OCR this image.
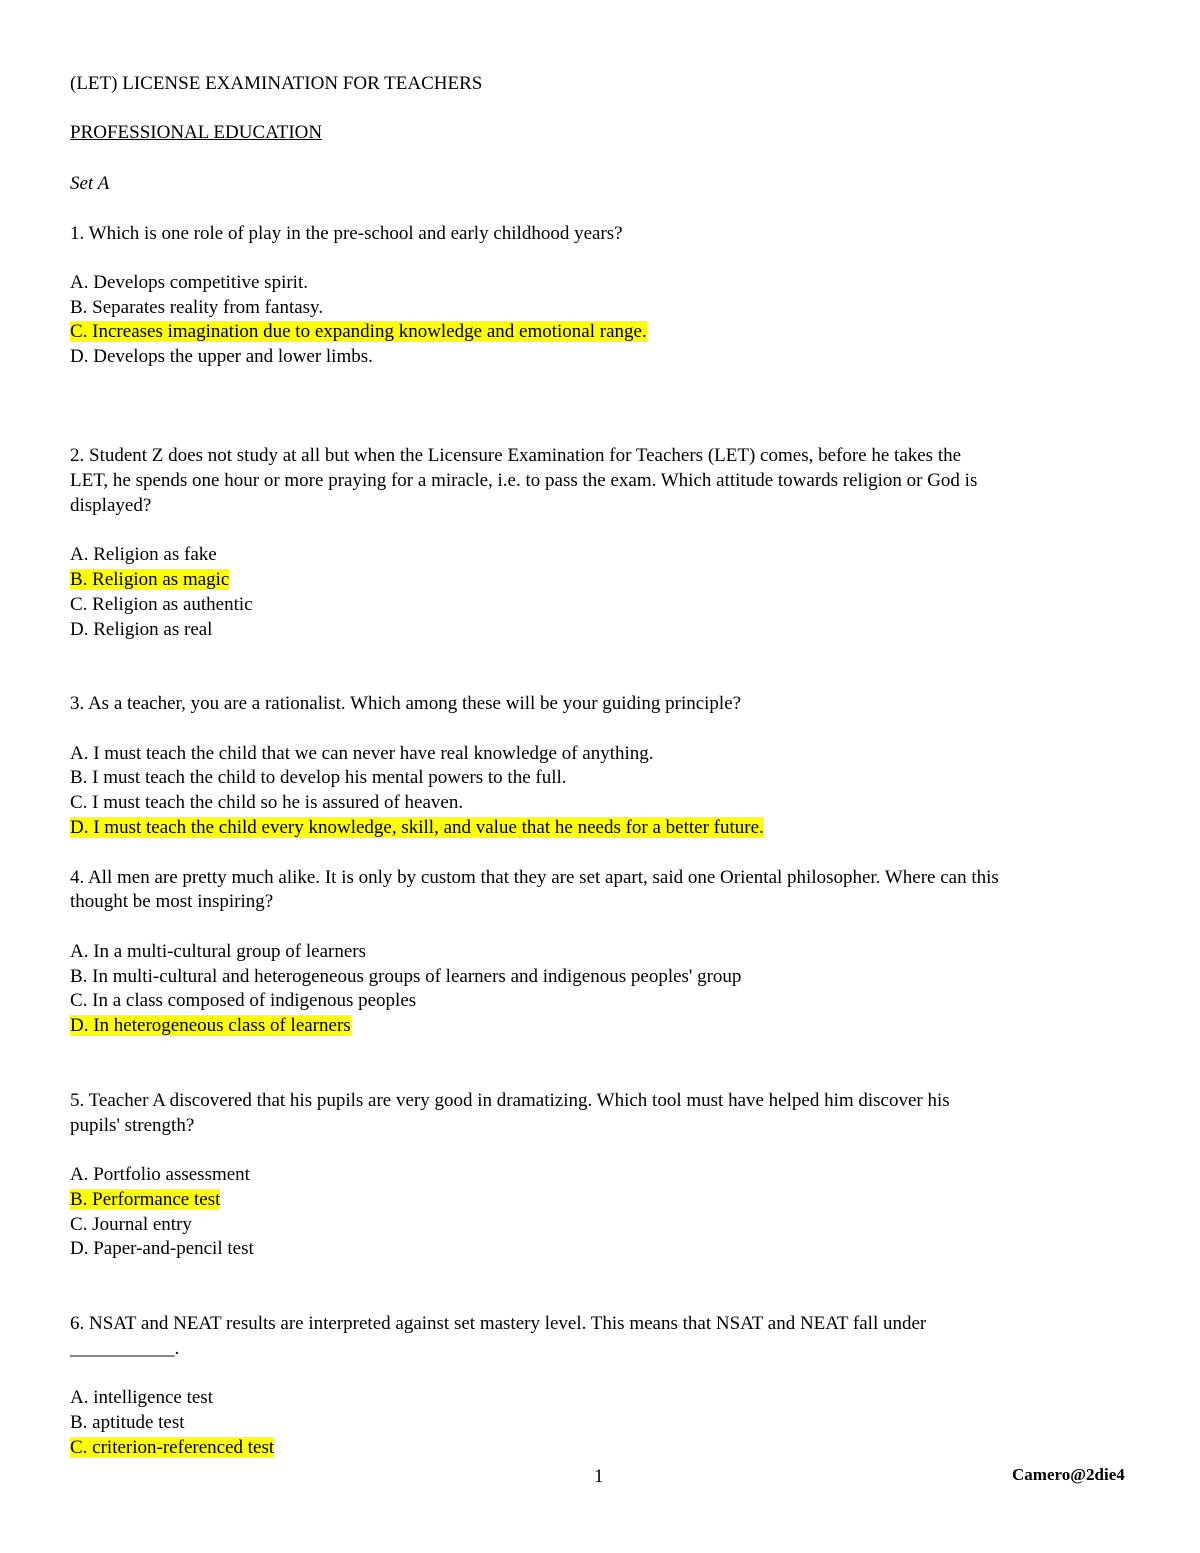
(LET) LICENSE EXAMINATION FOR TEACHERS
PROFESSIONAL EDUCATION
Set A
1. Which is one role of play in the pre-school and early childhood years?
A. Develops competitive spirit.
B. Separates reality from fantasy.
C. Increases imagination due to expanding knowledge and emotional range.
D. Develops the upper and lower limbs.
2. Student Z does not study at all but when the Licensure Examination for Teachers (LET) comes, before he takes the
LET, he spends one hour or more praying for a miracle, i.e. to pass the exam. Which attitude towards religion or God is
displayed?
A. Religion as fake
B. Religion as magic
C. Religion as authentic
D. Religion as real
3. As a teacher, you are a rationalist. Which among these will be your guiding principle?
A. I must teach the child that we can never have real knowledge of anything.
B. I must teach the child to develop his mental powers to the full.
C. I must teach the child so he is assured of heaven.
D. I must teach the child every knowledge, skill, and value that he needs for a better future.
4. All men are pretty much alike. It is only by custom that they are set apart, said one Oriental philosopher. Where can this
thought be most inspiring?
A. In a multi-cultural group of learners
B. In multi-cultural and heterogeneous groups of learners and indigenous peoples' group
C. In a class composed of indigenous peoples
D. In heterogeneous class of learners
5. Teacher A discovered that his pupils are very good in dramatizing. Which tool must have helped him discover his
pupils' strength?
A. Portfolio assessment
B. Performance test
C. Journal entry
D. Paper-and-pencil test
6. NSAT and NEAT results are interpreted against set mastery level. This means that NSAT and NEAT fall under
___________.
A. intelligence test
B. aptitude test
C. criterion-referenced test
1	Camero@2die4
